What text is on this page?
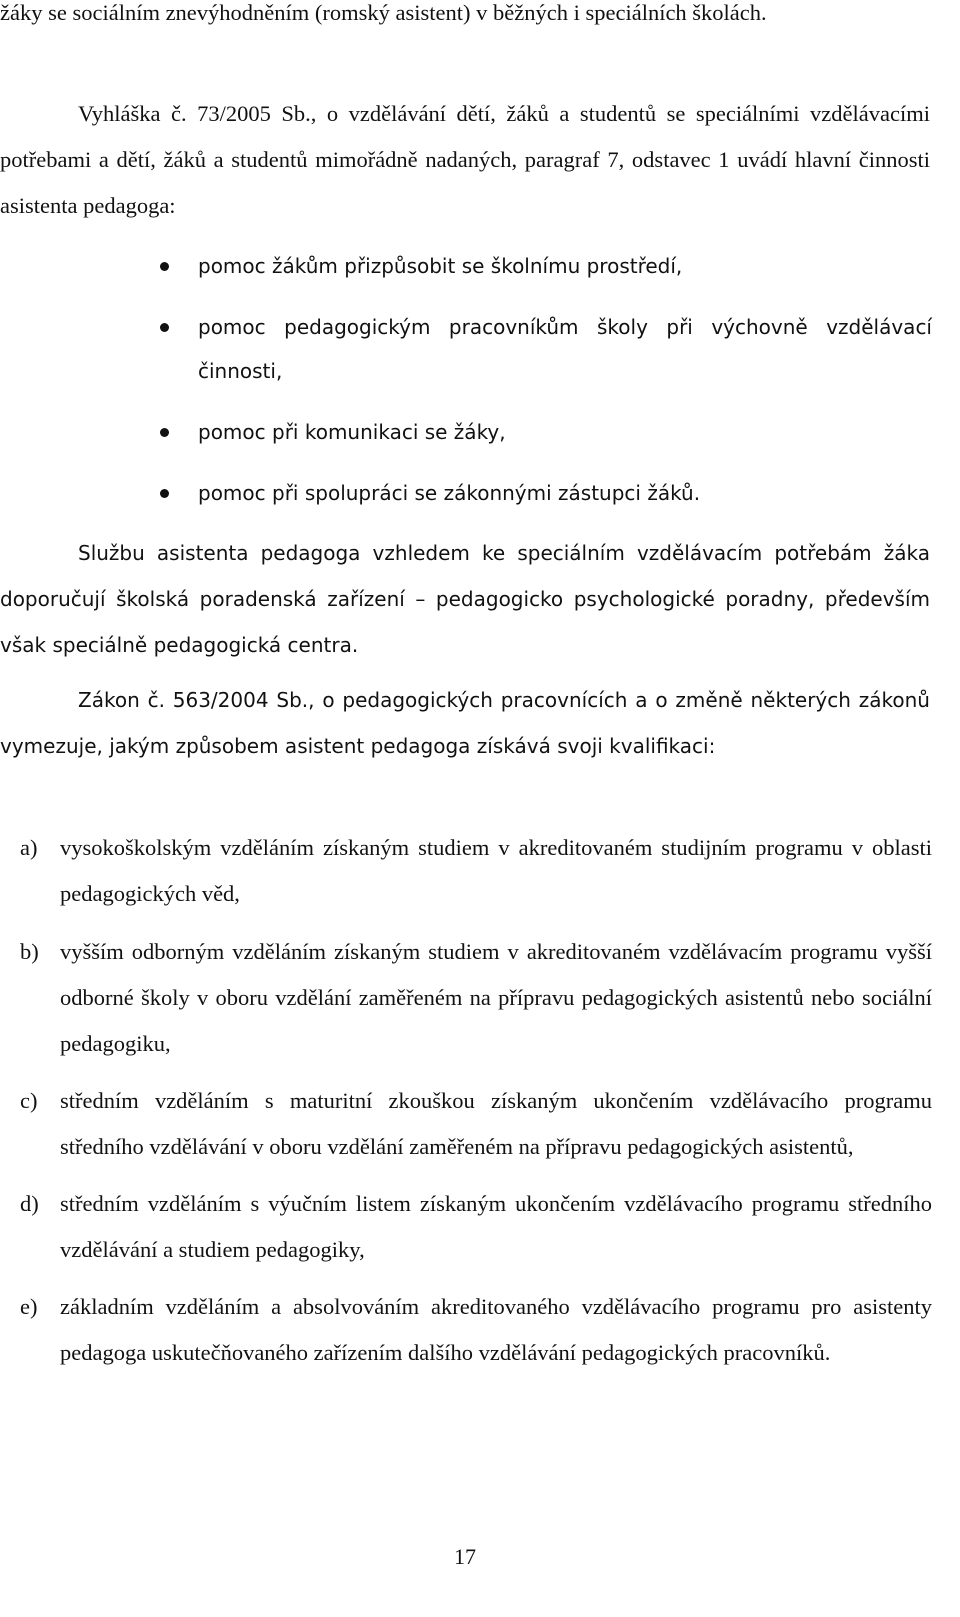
žáky se sociálním znevýhodněním (romský asistent) v běžných i speciálních školách.

Vyhláška č. 73/2005 Sb., o vzdělávání dětí, žáků a studentů se speciálními vzdělávacími potřebami a dětí, žáků a studentů mimořádně nadaných, paragraf 7, odstavec 1 uvádí hlavní činnosti asistenta pedagoga:

pomoc žákům přizpůsobit se školnímu prostředí,
pomoc pedagogickým pracovníkům školy při výchovně vzdělávací činnosti,
pomoc při komunikaci se žáky,
pomoc při spolupráci se zákonnými zástupci žáků.

Službu asistenta pedagoga vzhledem ke speciálním vzdělávacím potřebám žáka doporučují školská poradenská zařízení – pedagogicko psychologické poradny, především však speciálně pedagogická centra.

Zákon č. 563/2004 Sb., o pedagogických pracovnících a o změně některých zákonů vymezuje, jakým způsobem asistent pedagoga získává svoji kvalifikaci:

a) vysokoškolským vzděláním získaným studiem v akreditovaném studijním programu v oblasti pedagogických věd,

b) vyšším odborným vzděláním získaným studiem v akreditovaném vzdělávacím programu vyšší odborné školy v oboru vzdělání zaměřeném na přípravu pedagogických asistentů nebo sociální pedagogiku,

c) středním vzděláním s maturitní zkouškou získaným ukončením vzdělávacího programu středního vzdělávání v oboru vzdělání zaměřeném na přípravu pedagogických asistentů,

d) středním vzděláním s výučním listem získaným ukončením vzdělávacího programu středního vzdělávání a studiem pedagogiky,

e) základním vzděláním a absolvováním akreditovaného vzdělávacího programu pro asistenty pedagoga uskutečňovaného zařízením dalšího vzdělávání pedagogických pracovníků.

17
